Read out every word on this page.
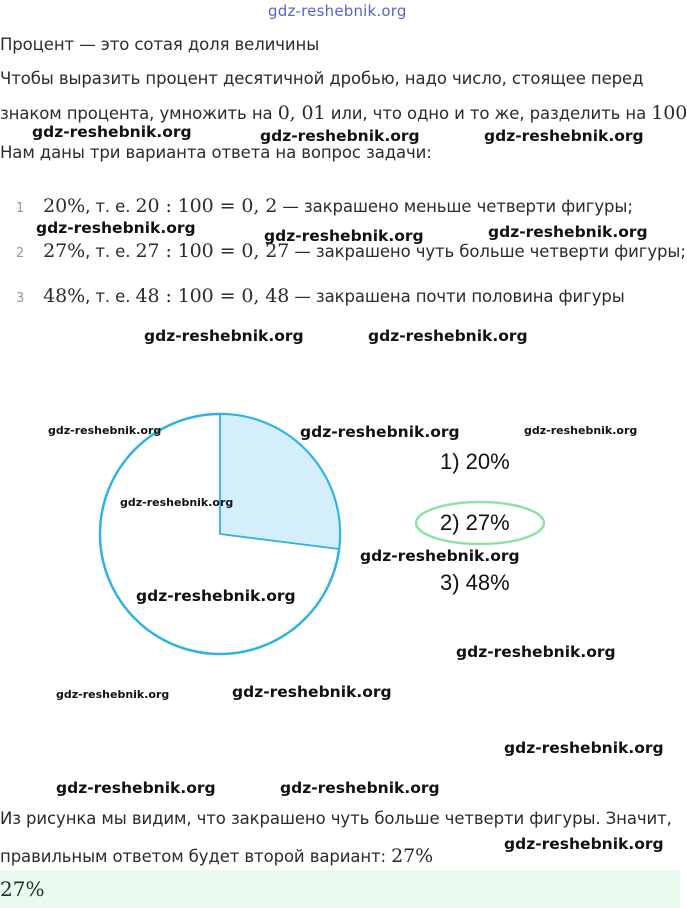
gdz-reshebnik.org
Процент — это сотая доля величины
Чтобы выразить процент десятичной дробью, надо число, стоящее перед
знаком процента, умножить на 0, 01 или, что одно и то же, разделить на 100
gdz-reshebnik.org	gdz-reshebnik.org	gdz-reshebnik.org
Нам даны три варианта ответа на вопрос задачи:
1 20%, т. е. 20 : 100 = 0, 2 — закрашено меньше четверти фигуры;
gdz-reshebnik.org	gdz-reshebnik.org	gdz-reshebnik.org
2 27%, т. е. 27 : 100 = 0, 27 — закрашено чуть больше четверти фигуры;
3 48%, т. е. 48 : 100 = 0, 48 — закрашена почти половина фигуры
gdz-reshebnik.org	gdz-reshebnik.org
1) 20%
2) 27%
3) 48%
gdz-reshebnik.org	gdz-reshebnik.org	gdz-reshebnik.org
gdz-reshebnik.org
gdz-reshebnik.org
gdz-reshebnik.org
gdz-reshebnik.org
gdz-reshebnik.org	gdz-reshebnik.org
gdz-reshebnik.org
gdz-reshebnik.org	gdz-reshebnik.org
Из рисунка мы видим, что закрашено чуть больше четверти фигуры. Значит,
правильным ответом будет второй вариант: 27%
gdz-reshebnik.org
27%
